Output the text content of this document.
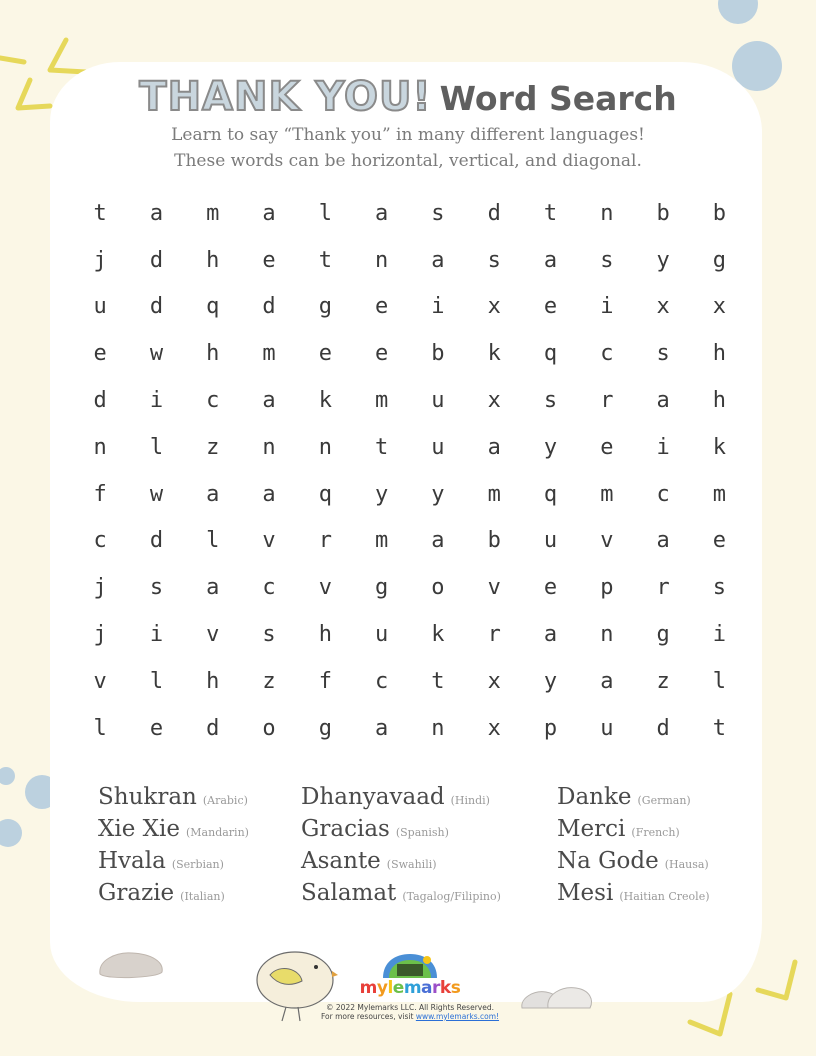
THANK YOU! Word Search
Learn to say “Thank you” in many different languages!
These words can be horizontal, vertical, and diagonal.
t	a	m	a	l	a	s	d	t	n	b	b
j	d	h	e	t	n	a	s	a	s	y	g
u	d	q	d	g	e	i	x	e	i	x	x
e	w	h	m	e	e	b	k	q	c	s	h
d	i	c	a	k	m	u	x	s	r	a	h
n	l	z	n	n	t	u	a	y	e	i	k
f	w	a	a	q	y	y	m	q	m	c	m
c	d	l	v	r	m	a	b	u	v	a	e
j	s	a	c	v	g	o	v	e	p	r	s
j	i	v	s	h	u	k	r	a	n	g	i
v	l	h	z	f	c	t	x	y	a	z	l
l	e	d	o	g	a	n	x	p	u	d	t
Shukran (Arabic)
Xie Xie (Mandarin)
Hvala (Serbian)
Grazie (Italian)
Dhanyavaad (Hindi)
Gracias (Spanish)
Asante (Swahili)
Salamat (Tagalog/Filipino)
Danke (German)
Merci (French)
Na Gode (Hausa)
Mesi (Haitian Creole)
mylemarks
© 2022 Mylemarks LLC. All Rights Reserved.
For more resources, visit www.mylemarks.com!
